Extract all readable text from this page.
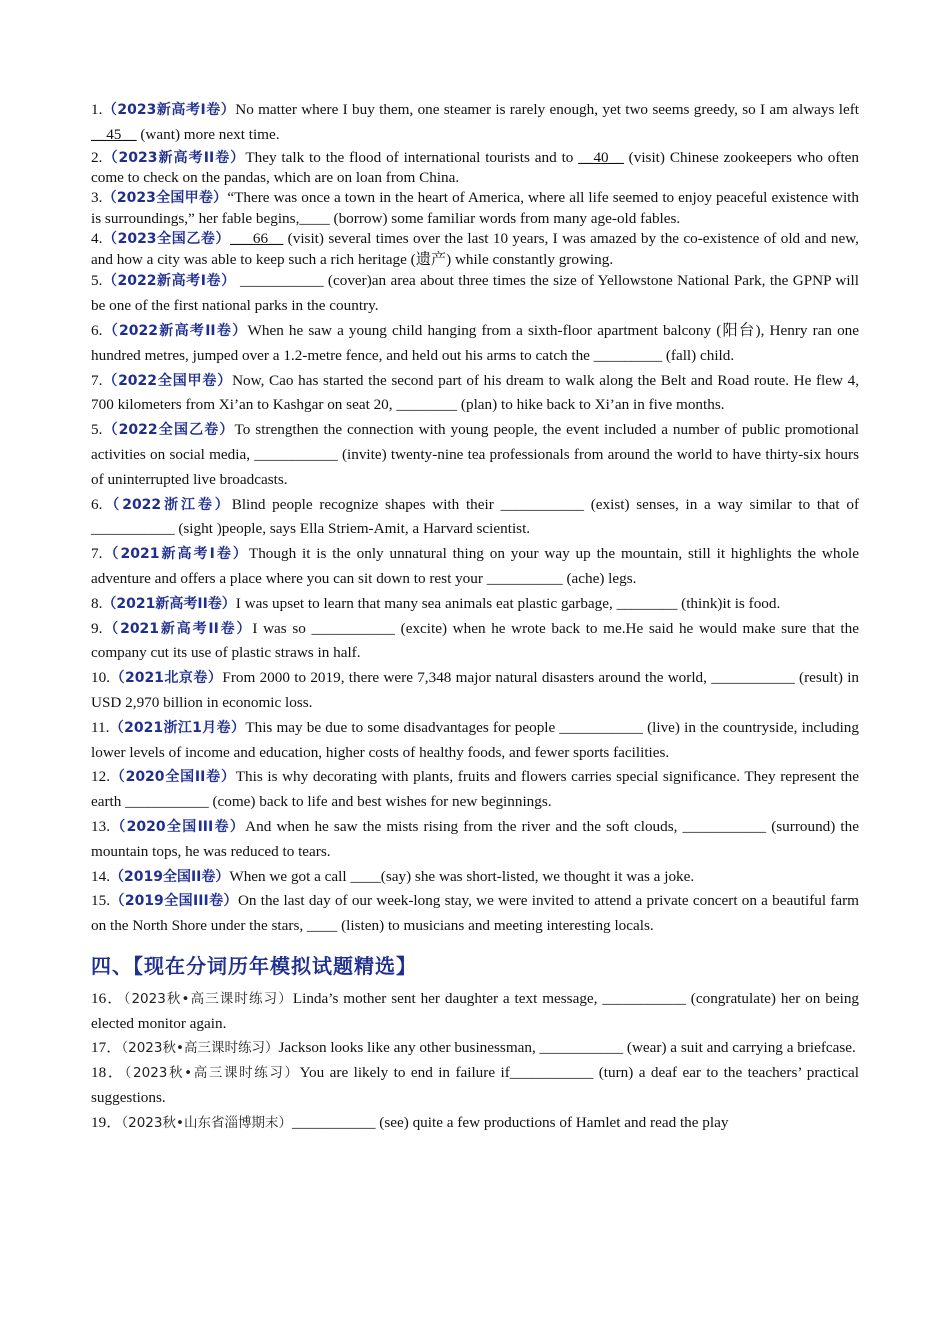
1.（2023新高考I卷）No matter where I buy them, one steamer is rarely enough, yet two seems greedy, so I am always left __45__ (want) more next time.

2.（2023新高考II卷）They talk to the flood of international tourists and to __40__ (visit) Chinese zookeepers who often come to check on the pandas, which are on loan from China.

3.（2023全国甲卷）“There was once a town in the heart of America, where all life seemed to enjoy peaceful existence with is surroundings,” her fable begins,____ (borrow) some familiar words from many age-old fables.

4.（2023全国乙卷）___66__ (visit) several times over the last 10 years, I was amazed by the co-existence of old and new, and how a city was able to keep such a rich heritage (遗产) while constantly growing.

5.（2022新高考I卷） ___________ (cover)an area about three times the size of Yellowstone National Park, the GPNP will be one of the first national parks in the country.

6.（2022新高考II卷）When he saw a young child hanging from a sixth-floor apartment balcony (阳台), Henry ran one hundred metres, jumped over a 1.2-metre fence, and held out his arms to catch the _________ (fall) child.

7.（2022全国甲卷）Now, Cao has started the second part of his dream to walk along the Belt and Road route. He flew 4, 700 kilometers from Xi’an to Kashgar on seat 20, ________ (plan) to hike back to Xi’an in five months.

5.（2022全国乙卷）To strengthen the connection with young people, the event included a number of public promotional activities on social media, ___________ (invite) twenty-nine tea professionals from around the world to have thirty-six hours of uninterrupted live broadcasts.

6.（2022浙江卷）Blind people recognize shapes with their ___________ (exist) senses, in a way similar to that of ___________ (sight )people, says Ella Striem-Amit, a Harvard scientist.

7.（2021新高考I卷）Though it is the only unnatural thing on your way up the mountain, still it highlights the whole adventure and offers a place where you can sit down to rest your __________ (ache) legs.

8.（2021新高考II卷）I was upset to learn that many sea animals eat plastic garbage, ________ (think)it is food.

9.（2021新高考II卷）I was so ___________ (excite) when he wrote back to me.He said he would make sure that the company cut its use of plastic straws in half.

10.（2021北京卷）From 2000 to 2019, there were 7,348 major natural disasters around the world, ___________ (result) in USD 2,970 billion in economic loss.

11.（2021浙江1月卷）This may be due to some disadvantages for people ___________ (live) in the countryside, including lower levels of income and education, higher costs of healthy foods, and fewer sports facilities.

12.（2020全国II卷）This is why decorating with plants, fruits and flowers carries special significance. They represent the earth ___________ (come) back to life and best wishes for new beginnings.

13.（2020全国III卷）And when he saw the mists rising from the river and the soft clouds, ___________ (surround) the mountain tops, he was reduced to tears.

14.（2019全国II卷）When we got a call ____(say) she was short-listed, we thought it was a joke.

15.（2019全国III卷）On the last day of our week-long stay, we were invited to attend a private concert on a beautiful farm on the North Shore under the stars, ____ (listen) to musicians and meeting interesting locals.

四、【现在分词历年模拟试题精选】

16．（2023秋•高三课时练习）Linda’s mother sent her daughter a text message, ___________ (congratulate) her on being elected monitor again.

17．（2023秋•高三课时练习）Jackson looks like any other businessman, ___________ (wear) a suit and carrying a briefcase.

18．（2023秋•高三课时练习）You are likely to end in failure if___________ (turn) a deaf ear to the teachers’ practical suggestions.

19．（2023秋•山东省淄博期末）___________ (see) quite a few productions of Hamlet and read the play
